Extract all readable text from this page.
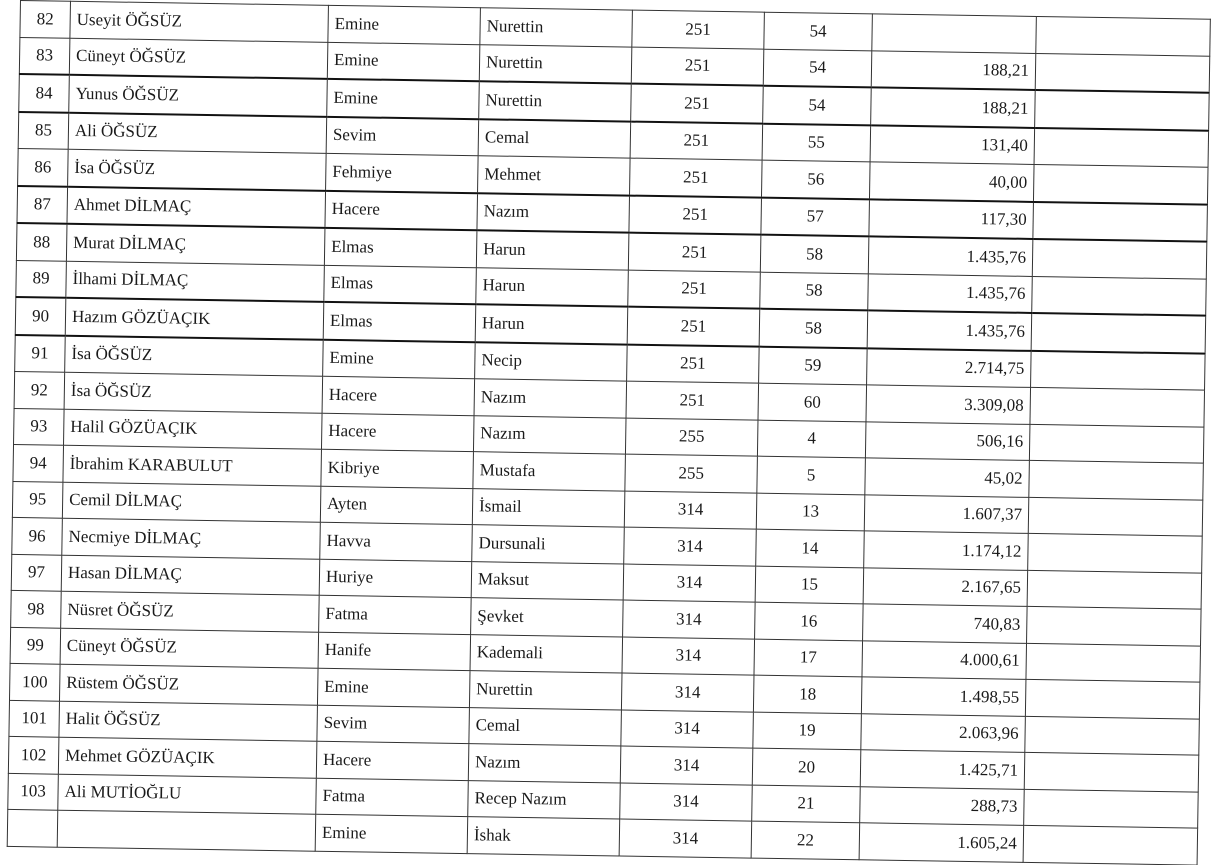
82	Useyit ÖĞSÜZ	Emine	Nurettin	251	54		
83	Cüneyt ÖĞSÜZ	Emine	Nurettin	251	54	188,21	
84	Yunus ÖĞSÜZ	Emine	Nurettin	251	54	188,21	
85	Ali ÖĞSÜZ	Sevim	Cemal	251	55	131,40	
86	İsa ÖĞSÜZ	Fehmiye	Mehmet	251	56	40,00	
87	Ahmet DİLMAÇ	Hacere	Nazım	251	57	117,30	
88	Murat DİLMAÇ	Elmas	Harun	251	58	1.435,76	
89	İlhami DİLMAÇ	Elmas	Harun	251	58	1.435,76	
90	Hazım GÖZÜAÇIK	Elmas	Harun	251	58	1.435,76	
91	İsa ÖĞSÜZ	Emine	Necip	251	59	2.714,75	
92	İsa ÖĞSÜZ	Hacere	Nazım	251	60	3.309,08	
93	Halil GÖZÜAÇIK	Hacere	Nazım	255	4	506,16	
94	İbrahim KARABULUT	Kibriye	Mustafa	255	5	45,02	
95	Cemil DİLMAÇ	Ayten	İsmail	314	13	1.607,37	
96	Necmiye DİLMAÇ	Havva	Dursunali	314	14	1.174,12	
97	Hasan DİLMAÇ	Huriye	Maksut	314	15	2.167,65	
98	Nüsret ÖĞSÜZ	Fatma	Şevket	314	16	740,83	
99	Cüneyt ÖĞSÜZ	Hanife	Kademali	314	17	4.000,61	
100	Rüstem ÖĞSÜZ	Emine	Nurettin	314	18	1.498,55	
101	Halit ÖĞSÜZ	Sevim	Cemal	314	19	2.063,96	
102	Mehmet GÖZÜAÇIK	Hacere	Nazım	314	20	1.425,71	
103	Ali MUTİOĞLU	Fatma	Recep Nazım	314	21	288,73	
		Emine	İshak	314	22	1.605,24	
